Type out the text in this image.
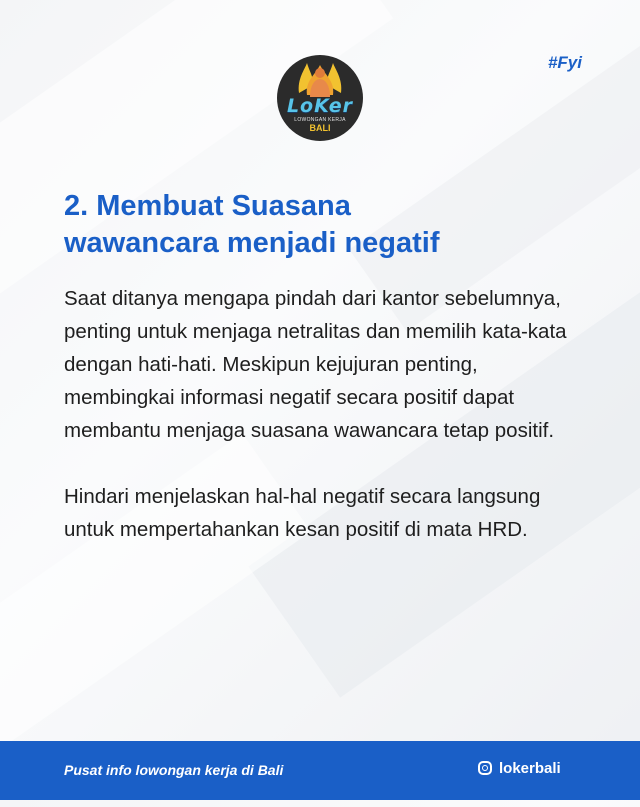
LoKer
LOWONGAN KERJA
BALI
#Fyi
2. Membuat Suasana
wawancara menjadi negatif

Saat ditanya mengapa pindah dari kantor sebelumnya, penting untuk menjaga netralitas dan memilih kata-kata dengan hati-hati. Meskipun kejujuran penting, membingkai informasi negatif secara positif dapat membantu menjaga suasana wawancara tetap positif.

Hindari menjelaskan hal-hal negatif secara langsung untuk mempertahankan kesan positif di mata HRD.

Pusat info lowongan kerja di Bali	lokerbali
